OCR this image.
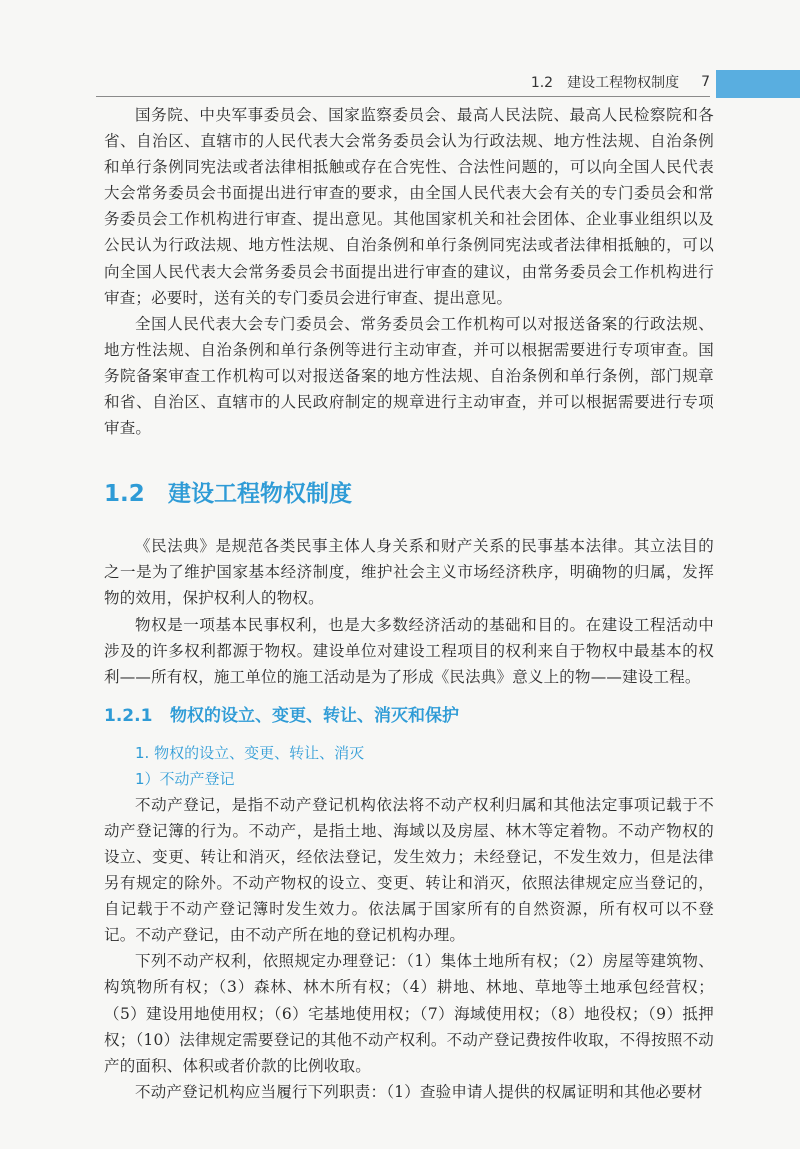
1.2　建设工程物权制度 7

国务院、中央军事委员会、国家监察委员会、最高人民法院、最高人民检察院和各省、自治区、直辖市的人民代表大会常务委员会认为行政法规、地方性法规、自治条例和单行条例同宪法或者法律相抵触或存在合宪性、合法性问题的，可以向全国人民代表大会常务委员会书面提出进行审查的要求，由全国人民代表大会有关的专门委员会和常务委员会工作机构进行审查、提出意见。其他国家机关和社会团体、企业事业组织以及公民认为行政法规、地方性法规、自治条例和单行条例同宪法或者法律相抵触的，可以向全国人民代表大会常务委员会书面提出进行审查的建议，由常务委员会工作机构进行审查；必要时，送有关的专门委员会进行审查、提出意见。

全国人民代表大会专门委员会、常务委员会工作机构可以对报送备案的行政法规、地方性法规、自治条例和单行条例等进行主动审查，并可以根据需要进行专项审查。国务院备案审查工作机构可以对报送备案的地方性法规、自治条例和单行条例，部门规章和省、自治区、直辖市的人民政府制定的规章进行主动审查，并可以根据需要进行专项审查。

1.2 建设工程物权制度

《民法典》是规范各类民事主体人身关系和财产关系的民事基本法律。其立法目的之一是为了维护国家基本经济制度，维护社会主义市场经济秩序，明确物的归属，发挥物的效用，保护权利人的物权。

物权是一项基本民事权利，也是大多数经济活动的基础和目的。在建设工程活动中涉及的许多权利都源于物权。建设单位对建设工程项目的权利来自于物权中最基本的权利——所有权，施工单位的施工活动是为了形成《民法典》意义上的物——建设工程。

1.2.1 物权的设立、变更、转让、消灭和保护
1. 物权的设立、变更、转让、消灭
1）不动产登记

不动产登记，是指不动产登记机构依法将不动产权利归属和其他法定事项记载于不动产登记簿的行为。不动产，是指土地、海域以及房屋、林木等定着物。不动产物权的设立、变更、转让和消灭，经依法登记，发生效力；未经登记，不发生效力，但是法律另有规定的除外。不动产物权的设立、变更、转让和消灭，依照法律规定应当登记的，自记载于不动产登记簿时发生效力。依法属于国家所有的自然资源，所有权可以不登记。不动产登记，由不动产所在地的登记机构办理。

下列不动产权利，依照规定办理登记：（1）集体土地所有权；（2）房屋等建筑物、构筑物所有权；（3）森林、林木所有权；（4）耕地、林地、草地等土地承包经营权；（5）建设用地使用权；（6）宅基地使用权；（7）海域使用权；（8）地役权；（9）抵押权；（10）法律规定需要登记的其他不动产权利。不动产登记费按件收取，不得按照不动产的面积、体积或者价款的比例收取。

不动产登记机构应当履行下列职责：（1）查验申请人提供的权属证明和其他必要材
